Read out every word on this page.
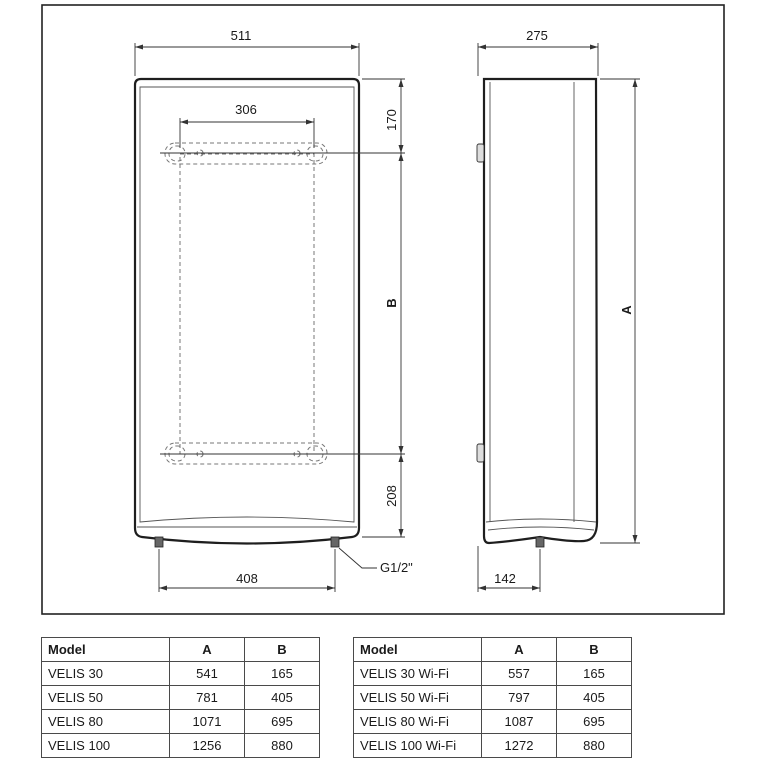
511
306	170
B
208
408
G1/2"
275
A
142
Model	A	B
VELIS 30	541	165
VELIS 50	781	405
VELIS 80	1071	695
VELIS 100	1256	880
Model	A	B
VELIS 30 Wi-Fi	557	165
VELIS 50 Wi-Fi	797	405
VELIS 80 Wi-Fi	1087	695
VELIS 100 Wi-Fi	1272	880
